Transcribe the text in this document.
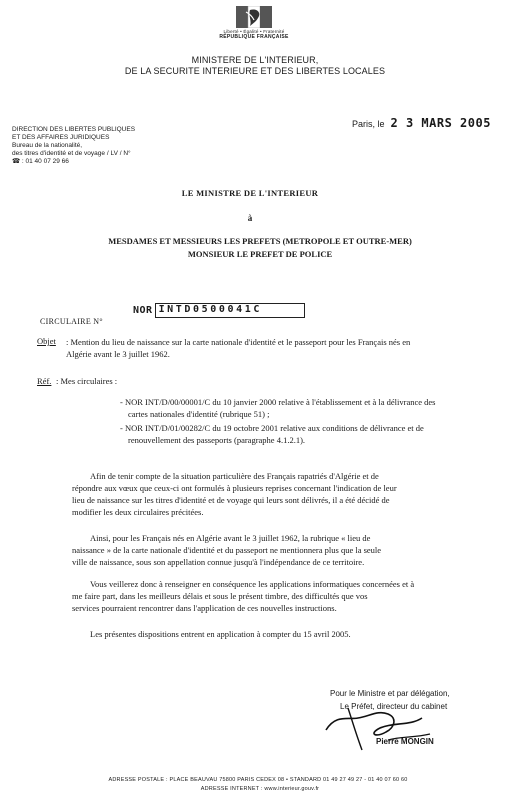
Liberté • Égalité • Fraternité
RÉPUBLIQUE FRANÇAISE
MINISTERE DE L'INTERIEUR,
DE LA SECURITE INTERIEURE ET DES LIBERTES LOCALES
Paris, le 2 3 MARS 2005
DIRECTION DES LIBERTES PUBLIQUES
ET DES AFFAIRES JURIDIQUES
Bureau de la nationalité,
des titres d'identité et de voyage / LV / N°
☎ : 01 40 07 29 66
LE MINISTRE DE L'INTERIEUR
à
MESDAMES ET MESSIEURS LES PREFETS (METROPOLE ET OUTRE-MER)
MONSIEUR LE PREFET DE POLICE
NOR INTD0500041C
CIRCULAIRE N°
Objet : Mention du lieu de naissance sur la carte nationale d'identité et le passeport pour les Français nés en
Algérie avant le 3 juillet 1962.
Réf. : Mes circulaires :
- NOR INT/D/00/00001/C du 10 janvier 2000 relative à l'établissement et à la délivrance des
cartes nationales d'identité (rubrique 51) ;
- NOR INT/D/01/00282/C du 19 octobre 2001 relative aux conditions de délivrance et de
renouvellement des passeports (paragraphe 4.1.2.1).
Afin de tenir compte de la situation particulière des Français rapatriés d'Algérie et de
répondre aux vœux que ceux-ci ont formulés à plusieurs reprises concernant l'indication de leur
lieu de naissance sur les titres d'identité et de voyage qui leurs sont délivrés, il a été décidé de
modifier les deux circulaires précitées.
Ainsi, pour les Français nés en Algérie avant le 3 juillet 1962, la rubrique « lieu de
naissance » de la carte nationale d'identité et du passeport ne mentionnera plus que la seule
ville de naissance, sous son appellation connue jusqu'à l'indépendance de ce territoire.
Vous veillerez donc à renseigner en conséquence les applications informatiques concernées et à
me faire part, dans les meilleurs délais et sous le présent timbre, des difficultés que vos
services pourraient rencontrer dans l'application de ces nouvelles instructions.
Les présentes dispositions entrent en application à compter du 15 avril 2005.
Pour le Ministre et par délégation,
Le Préfet, directeur du cabinet
Pierre MONGIN
ADRESSE POSTALE : PLACE BEAUVAU 75800 PARIS CEDEX 08 • STANDARD 01 49 27 49 27 - 01 40 07 60 60
ADRESSE INTERNET : www.interieur.gouv.fr
